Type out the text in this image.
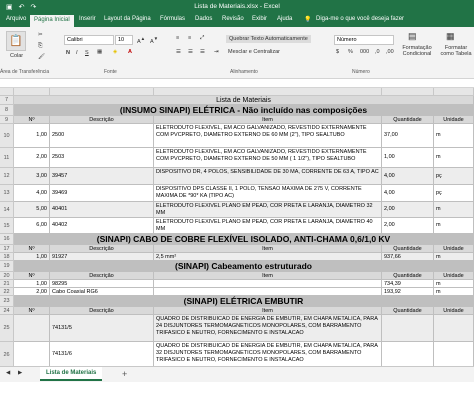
▣ ↶ ↷	Lista de Materiais.xlsx - Excel
Arquivo	Página Inicial	Inserir Layout da Página Fórmulas Dados Revisão Exibir Ajuda 💡 Diga-me o que você deseja fazer
📋
Colar
✂
⎘
🖌
Calibri	10	A▲
A▼
N I S ▦ ◈ A
≡ ≡ ⤢
☰ ☰ ☰ ⇥
Quebrar Texto Automaticamente
Mesclar e Centralizar
Número
$ % 000 ,0 ,00
▤
Formatação Condicional
▦
Formatar como Tabela
Área de Transferência	Fonte	Alinhamento	Número
7	Lista de Materiais
8	(INSUMO SINAPI) ELÉTRICA - Não incluído nas composições
9	Nº	Descrição	Item	Quantidade	Unidade
10	1,00 2500
ELETRODUTO FLEXIVEL, EM ACO GALVANIZADO, REVESTIDO EXTERNAMENTE COM PVCPRETO, DIAMETRO EXTERNO DE 60 MM (2"), TIPO SEALTUBO	37,00	m
11	2,00 2503
ELETRODUTO FLEXIVEL, EM ACO GALVANIZADO, REVESTIDO EXTERNAMENTE COM PVCPRETO, DIAMETRO EXTERNO DE 50 MM ( 1 1/2"), TIPO SEALTUBO	1,00	m
12	3,00 39457
DISPOSITIVO DR, 4 POLOS, SENSIBILIDADE DE 30 MA, CORRENTE DE 63 A, TIPO AC
4,00	pç
13	4,00 39469
DISPOSITIVO DPS CLASSE II, 1 POLO, TENSAO MAXIMA DE 275 V, CORRENTE MAXIMA DE *90* KA (TIPO AC)
4,00	pç
14	5,00 40401	ELETRODUTO FLEXIVEL PLANO EM PEAD, COR PRETA E LARANJA, DIAMETRO 32 MM
2,00	m
15	6,00 40402	ELETRODUTO FLEXIVEL PLANO EM PEAD, COR PRETA E LARANJA, DIAMETRO 40 MM
2,00	m
16	(SINAPI) CABO DE COBRE FLEXÍVEL ISOLADO, ANTI-CHAMA 0,6/1,0 KV
17	Nº	Descrição	Item	Quantidade	Unidade
18	1,00 91927	2,5 mm²	937,66	m
19	(SINAPI) Cabeamento estruturado
20	Nº	Descrição	Item	Quantidade	Unidade
21	1,00 98295	734,39	m
22	2,00 Cabo Coaxial RG6	193,92	m
23	(SINAPI) ELÉTRICA EMBUTIR
24	Nº	Descrição	Item	Quantidade	Unidade
25	74131/5
QUADRO DE DISTRIBUICAO DE ENERGIA DE EMBUTIR, EM CHAPA METALICA, PARA 24 DISJUNTORES TERMOMAGNETICOS MONOPOLARES, COM BARRAMENTO TRIFASICO E NEUTRO, FORNECIMENTO E INSTALACAO
26	74131/6
QUADRO DE DISTRIBUICAO DE ENERGIA DE EMBUTIR, EM CHAPA METALICA, PARA 32 DISJUNTORES TERMOMAGNETICOS MONOPOLARES, COM BARRAMENTO TRIFASICO E NEUTRO, FORNECIMENTO E INSTALACAO
◀ ▶	Lista de Materiais	+
